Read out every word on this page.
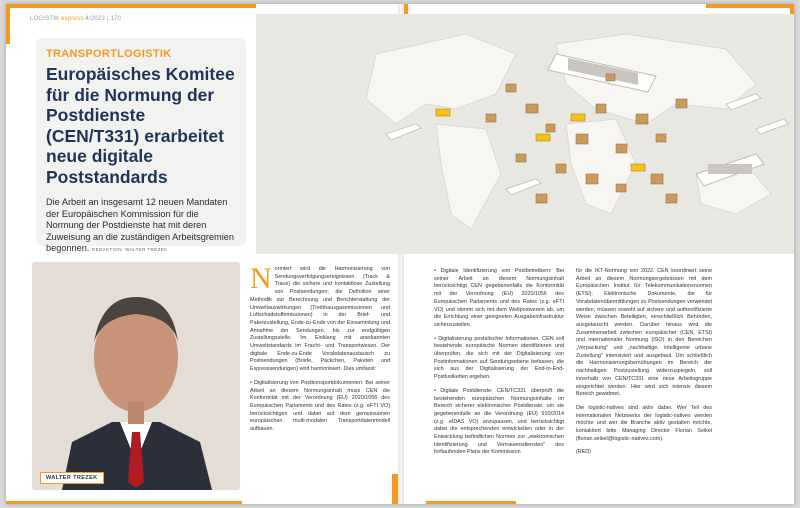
LOGISTIK express 4/2023 | 170
TRANSPORTLOGISTIK
Europäisches Komitee für die Normung der Postdienste (CEN/T331) erarbeitet neue digitale Poststandards
Die Arbeit an insgesamt 12 neuen Mandaten der Europäischen Kommission für die Normung der Postdienste hat mit deren Zuweisung an die zuständigen Arbeitsgremien begonnen. REDAKTION: WALTER TREZEK
WALTER TREZEK

Normiert wird die Harmonisierung von Sendungsverfolgungsereignissen (Track & Trace) die sichere und kontaktlose Zustellung von Postsendungen; die Definition einer Methodik zur Berechnung und Berichterstattung der Umweltauswirkungen (Treibhausgasemissionen und Luftschadstoffemissionen) in der Brief- und Paketzustellung, Ende-zu-Ende von der Einsammlung und Annahme der Sendungen, bis zur endgültigen Zustellungsstelle. Im Einklang mit anerkannten Umweltstandards im Fracht- und Transportwesen. Der digitale Ende-zu-Ende Vorabdatenaustausch zu Postsendungen (Briefe, Päckchen, Paketen und Expresssendungen) wird harmonisiert. Dies umfasst:

• Digitalisierung von Postkonsportdokumenten: Bei seiner Arbeit an diesem Normungsinhalt muss CEN die Konformität mit der Verordnung (EU) 2020/1056 des Europäischen Parlaments und des Rates (z.g. eFTI VO) berücksichtigen und dabei auf dem gemeinsamen europäischen multi-modalen Transportdatenmodell aufbauen.

• Digitale Identifizierung von Postbetreibern: Bei seiner Arbeit an diesem Normungsinhalt berücksichtigt CEN gegebenenfalls die Konformität mit der Verordnung (EU) 2020/1056 des Europäischen Parlaments und des Rates (z.g. eFTI VO) und stimmt sich mit dem Weltpostverein ab, um die Errichtung einer geeigneten Ausgabeinfrastruktur sicherzustellen.

• Digitalisierung postalischer Informationen. CEN soll bestehende europäische Normen identifizieren und überprüfen, die sich mit der Digitalisierung von Postinformationen auf Sendungsebene befassen, die sich aus der Digitalisierung der End-to-End-Postlustketten ergeben.

• Digitale Postdienste: CEN/TC331 überprüft die bestehenden europäischen Normungsinhalte im Bereich sicherer elektronischer Postdienste, um sie gegebenenfalls an die Verordnung (EU) 910/2014 (z.g. eIDAS VO) anzupassen, und berücksichtigt dabei die entsprechenden entwickelten oder in der Entwicklung befindlichen Normen zur „elektronischen Identifizierung und Vertrauensdiensten" des fortlaufenden Plans der Kommission

für die IKT-Normung von 2022. CEN koordiniert seine Arbeit an diesem Normungsergebnissen mit dem Europäischen Institut für Telekommunikationsnormen (ETSI). Elektronische Dokumente, die für Vorabdatenübermittlungen zu Postsendungen verwendet werden, müssen sowohl auf sichere und authentifizierte Weise zwischen Beteiligten, einschließlich Behörden, ausgetauscht werden. Darüber hinaus wird die Zusammenarbeit zwischen europäischer (CEN, ETSI) und internationaler Normung (ISO) in den Bereichen „Verpackung" und „nachhaltige, intelligente urbane Zustellung" intensiviert und ausgebaut. Um schließlich die Harmonisierungsbemühungen im Bereich der nachhaltigen Postzustellung widerzuspiegeln, soll innerhalb von CEN/TC331 eine neue Arbeitsgruppe eingerichtet werden. Hier wird sich intensiv diesem Bereich gewidmet.

Die logistic-natives sind aktiv dabei. Wer Teil des internationalen Netzwerks der logistic-natives werden möchte und wer die Branche aktiv gestalten möchte, kontaktiert bitte Managing Director Florian Seikel (florian.seikel@logistic-natives.com).

(RED)
